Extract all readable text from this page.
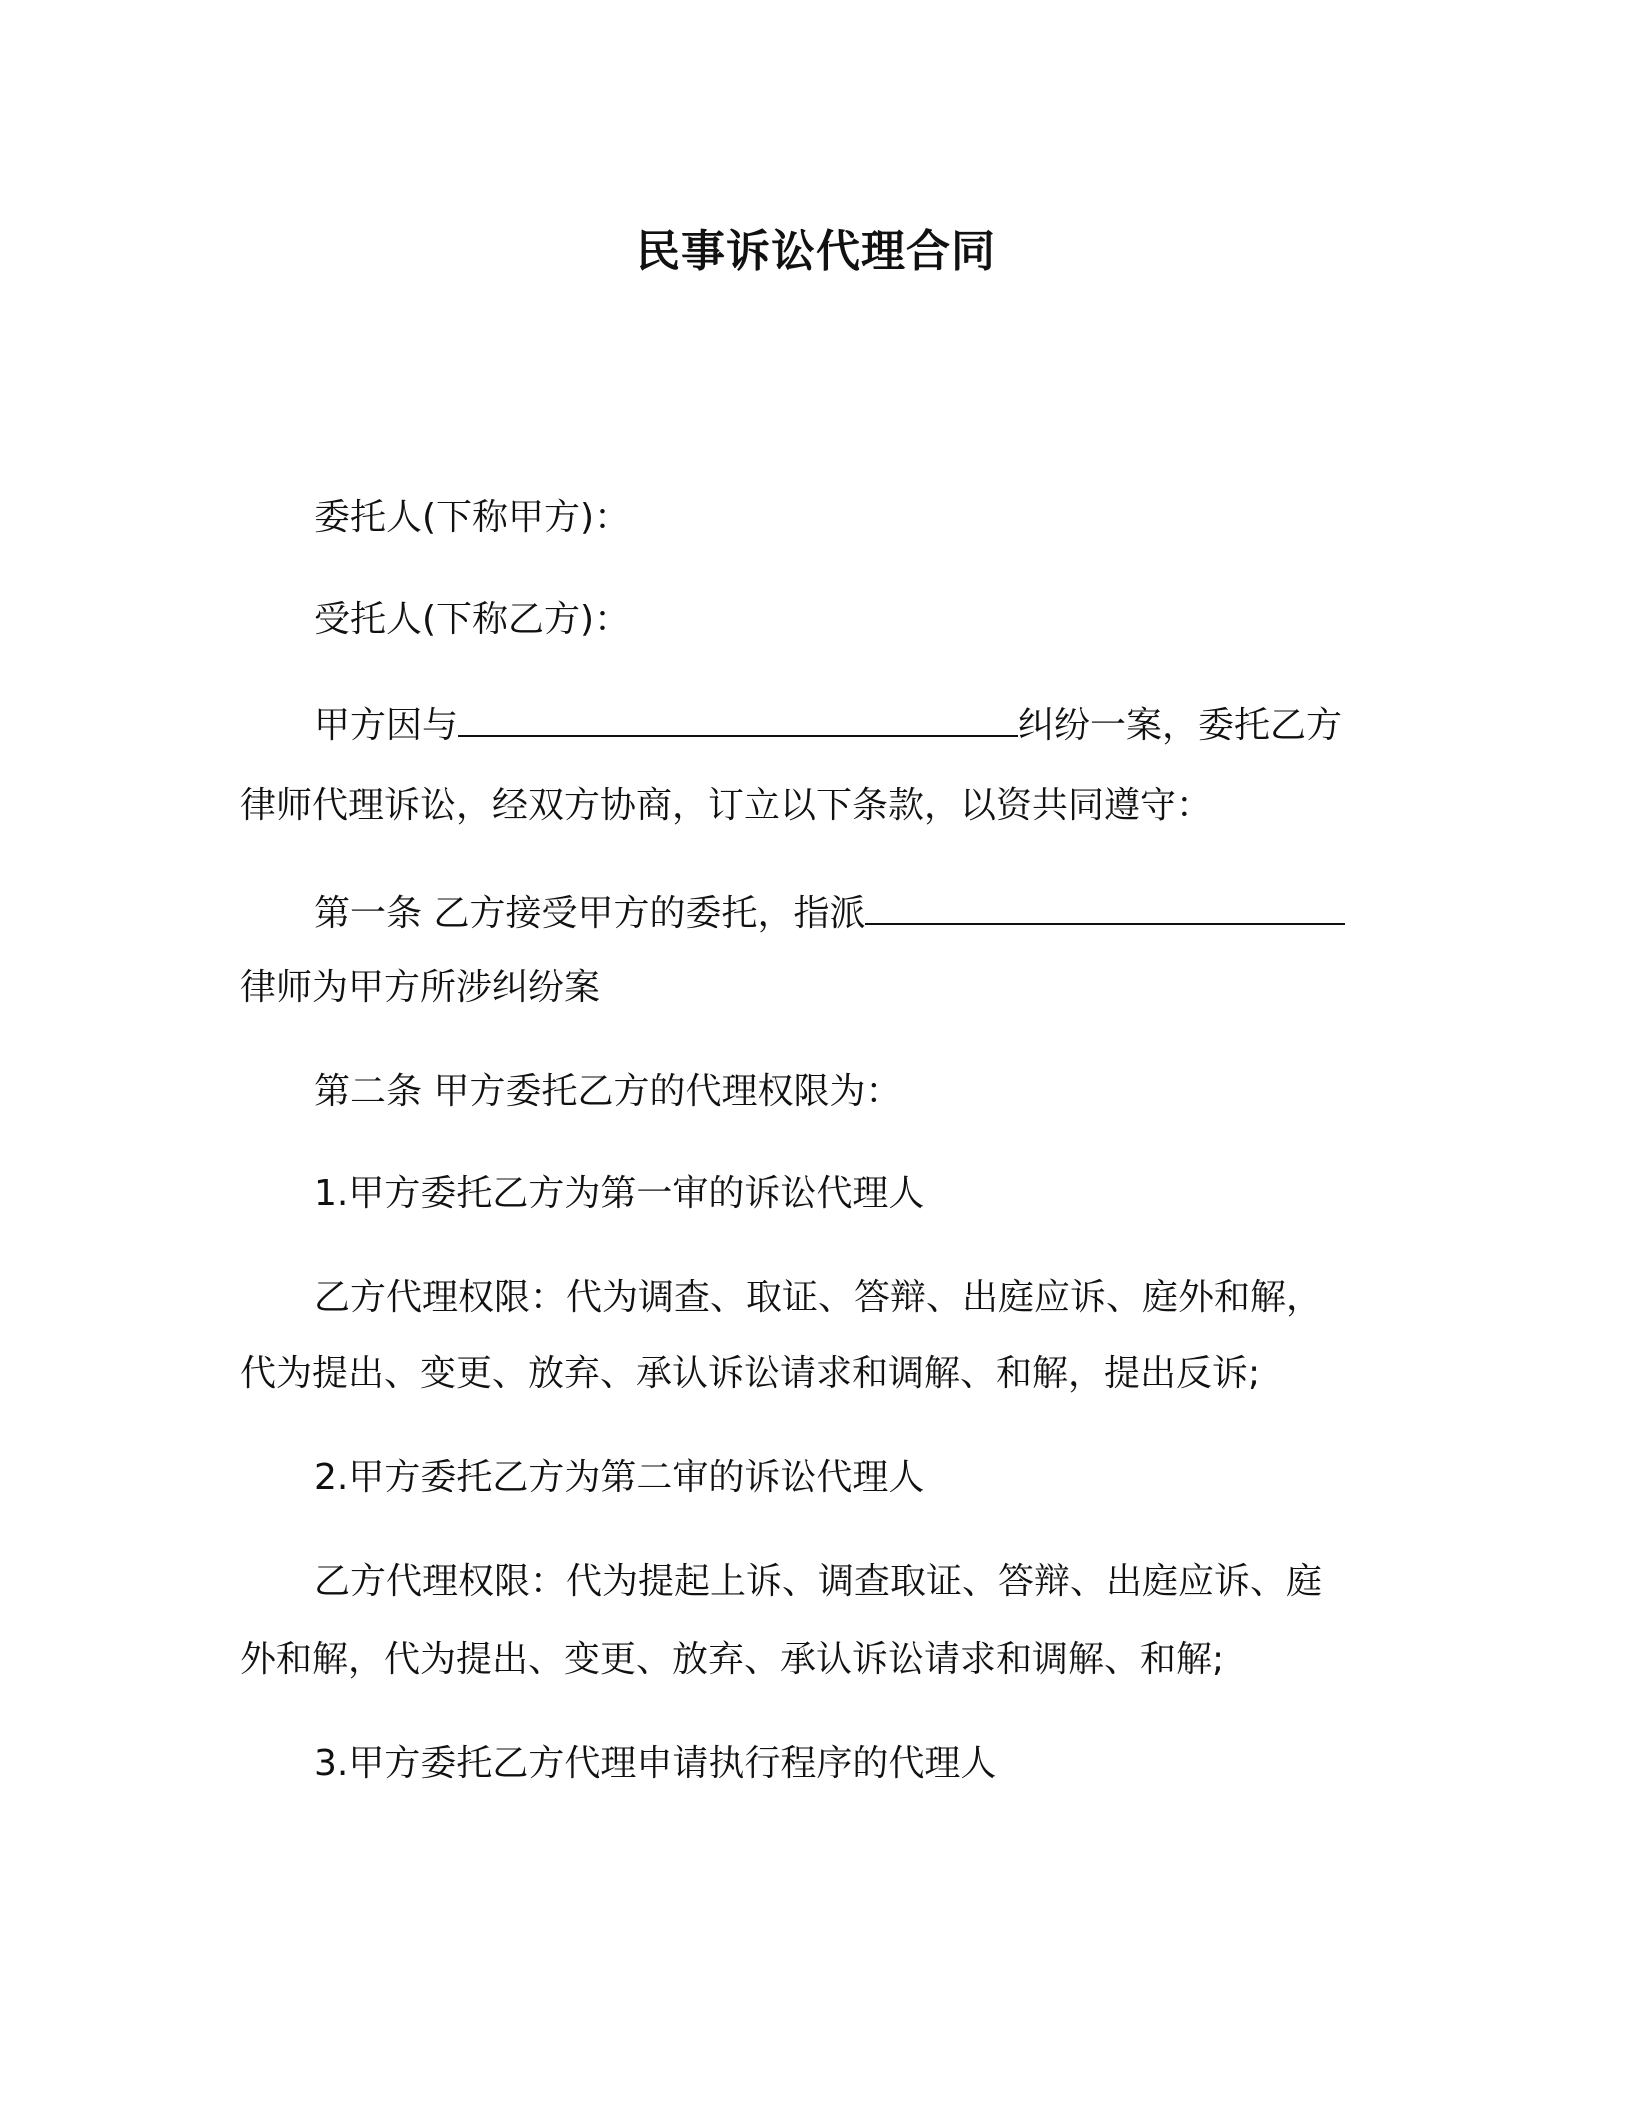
民事诉讼代理合同
委托人(下称甲方)：
受托人(下称乙方)：
甲方因与	纠纷一案，委托乙方
律师代理诉讼，经双方协商，订立以下条款，以资共同遵守：
第一条 乙方接受甲方的委托，指派
律师为甲方所涉纠纷案
第二条 甲方委托乙方的代理权限为：
1.甲方委托乙方为第一审的诉讼代理人
乙方代理权限：代为调查、取证、答辩、出庭应诉、庭外和解，
代为提出、变更、放弃、承认诉讼请求和调解、和解，提出反诉;
2.甲方委托乙方为第二审的诉讼代理人
乙方代理权限：代为提起上诉、调查取证、答辩、出庭应诉、庭
外和解，代为提出、变更、放弃、承认诉讼请求和调解、和解;
3.甲方委托乙方代理申请执行程序的代理人
